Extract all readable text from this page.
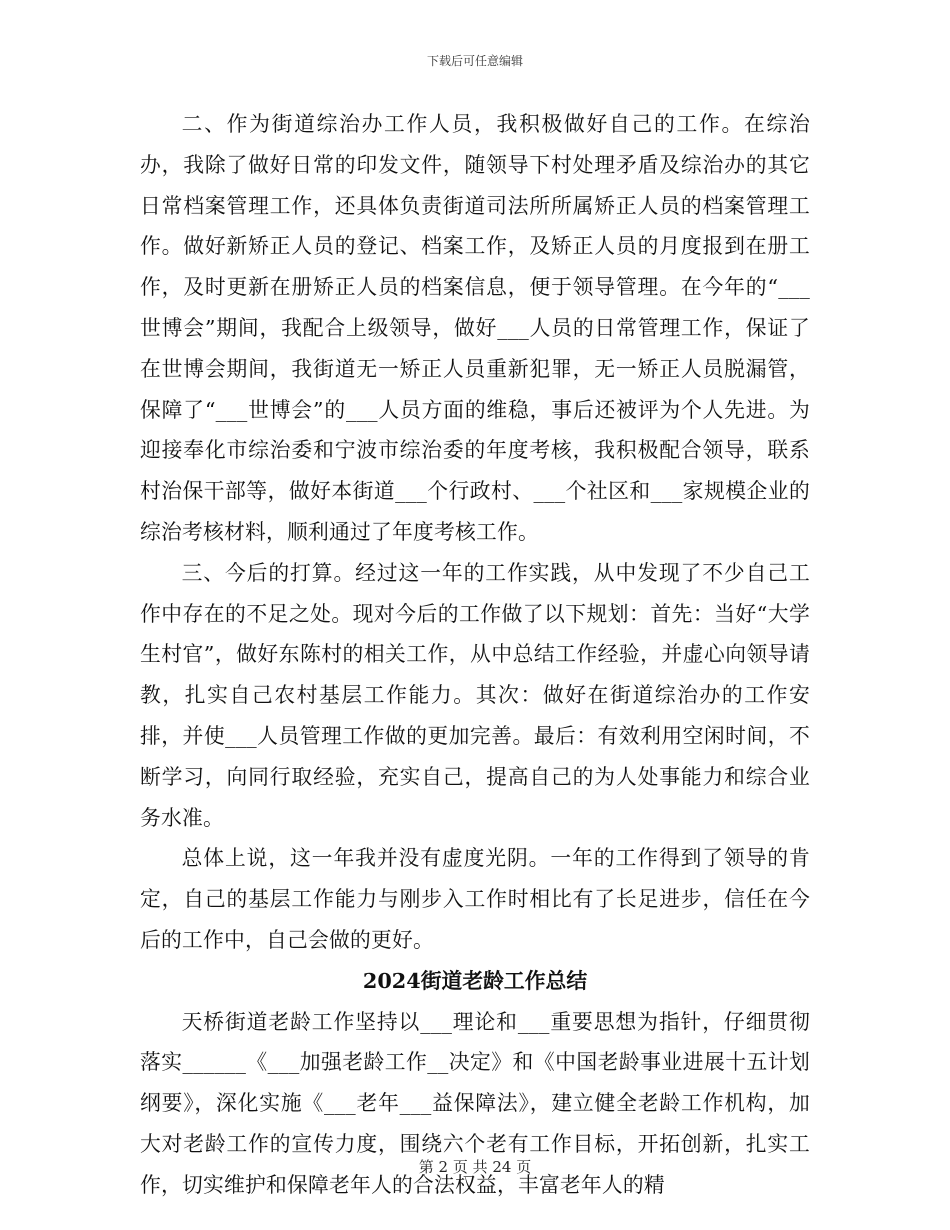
下载后可任意编辑

二、作为街道综治办工作人员，我积极做好自己的工作。在综治办，我除了做好日常的印发文件，随领导下村处理矛盾及综治办的其它日常档案管理工作，还具体负责街道司法所所属矫正人员的档案管理工作。做好新矫正人员的登记、档案工作，及矫正人员的月度报到在册工作，及时更新在册矫正人员的档案信息，便于领导管理。在今年的“___世博会”期间，我配合上级领导，做好___人员的日常管理工作，保证了在世博会期间，我街道无一矫正人员重新犯罪，无一矫正人员脱漏管，保障了“___世博会”的___人员方面的维稳，事后还被评为个人先进。为迎接奉化市综治委和宁波市综治委的年度考核，我积极配合领导，联系村治保干部等，做好本街道___个行政村、___个社区和___家规模企业的综治考核材料，顺利通过了年度考核工作。

三、今后的打算。经过这一年的工作实践，从中发现了不少自己工作中存在的不足之处。现对今后的工作做了以下规划：首先：当好“大学生村官”，做好东陈村的相关工作，从中总结工作经验，并虚心向领导请教，扎实自己农村基层工作能力。其次：做好在街道综治办的工作安排，并使___人员管理工作做的更加完善。最后：有效利用空闲时间，不断学习，向同行取经验，充实自己，提高自己的为人处事能力和综合业务水准。

总体上说，这一年我并没有虚度光阴。一年的工作得到了领导的肯定，自己的基层工作能力与刚步入工作时相比有了长足进步，信任在今后的工作中，自己会做的更好。

2024街道老龄工作总结

天桥街道老龄工作坚持以___理论和___重要思想为指针，仔细贯彻落实______《___加强老龄工作__决定》和《中国老龄事业进展十五计划纲要》，深化实施《___老年___益保障法》，建立健全老龄工作机构，加大对老龄工作的宣传力度，围绕六个老有工作目标，开拓创新，扎实工作，切实维护和保障老年人的合法权益，丰富老年人的精

第 2 页 共 24 页
